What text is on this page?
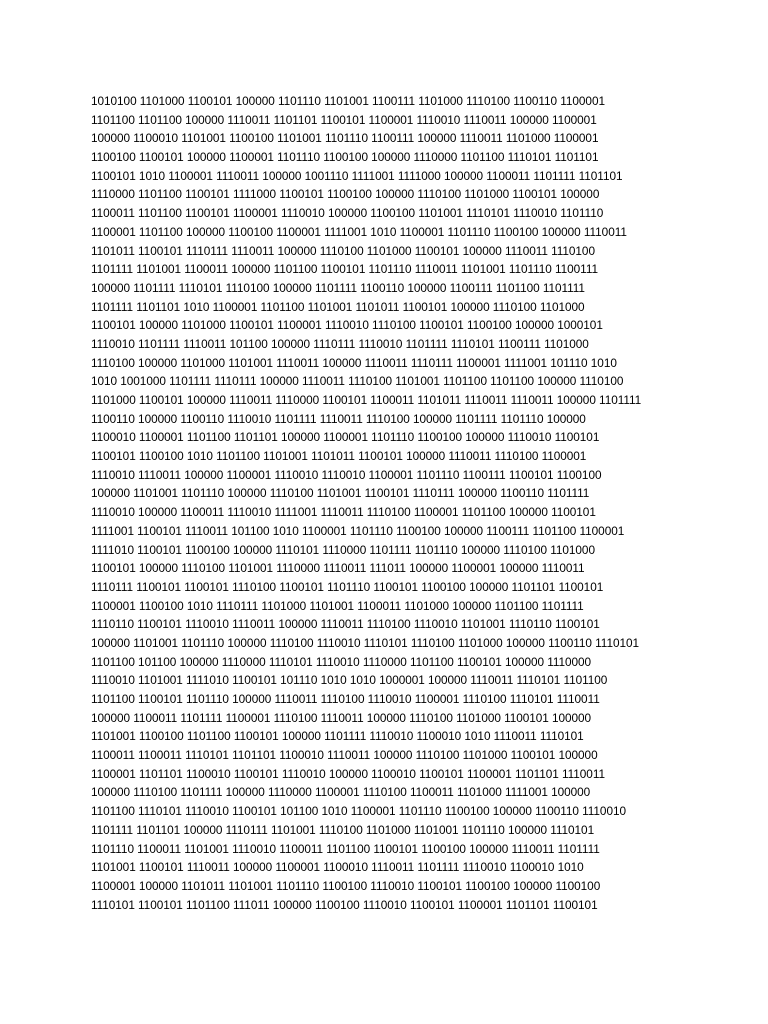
1010100 1101000 1100101 100000 1101110 1101001 1100111 1101000 1110100 1100110 1100001
1101100 1101100 100000 1110011 1101101 1100101 1100001 1110010 1110011 100000 1100001
100000 1100010 1101001 1100100 1101001 1101110 1100111 100000 1110011 1101000 1100001
1100100 1100101 100000 1100001 1101110 1100100 100000 1110000 1101100 1110101 1101101
1100101 1010 1100001 1110011 100000 1001110 1111001 1111000 100000 1100011 1101111 1101101
1110000 1101100 1100101 1111000 1100101 1100100 100000 1110100 1101000 1100101 100000
1100011 1101100 1100101 1100001 1110010 100000 1100100 1101001 1110101 1110010 1101110
1100001 1101100 100000 1100100 1100001 1111001 1010 1100001 1101110 1100100 100000 1110011
1101011 1100101 1110111 1110011 100000 1110100 1101000 1100101 100000 1110011 1110100
1101111 1101001 1100011 100000 1101100 1100101 1101110 1110011 1101001 1101110 1100111
100000 1101111 1110101 1110100 100000 1101111 1100110 100000 1100111 1101100 1101111
1101111 1101101 1010 1100001 1101100 1101001 1101011 1100101 100000 1110100 1101000
1100101 100000 1101000 1100101 1100001 1110010 1110100 1100101 1100100 100000 1000101
1110010 1101111 1110011 101100 100000 1110111 1110010 1101111 1110101 1100111 1101000
1110100 100000 1101000 1101001 1110011 100000 1110011 1110111 1100001 1111001 101110 1010
1010 1001000 1101111 1110111 100000 1110011 1110100 1101001 1101100 1101100 100000 1110100
1101000 1100101 100000 1110011 1110000 1100101 1100011 1101011 1110011 1110011 100000 1101111
1100110 100000 1100110 1110010 1101111 1110011 1110100 100000 1101111 1101110 100000
1100010 1100001 1101100 1101101 100000 1100001 1101110 1100100 100000 1110010 1100101
1100101 1100100 1010 1101100 1101001 1101011 1100101 100000 1110011 1110100 1100001
1110010 1110011 100000 1100001 1110010 1110010 1100001 1101110 1100111 1100101 1100100
100000 1101001 1101110 100000 1110100 1101001 1100101 1110111 100000 1100110 1101111
1110010 100000 1100011 1110010 1111001 1110011 1110100 1100001 1101100 100000 1100101
1111001 1100101 1110011 101100 1010 1100001 1101110 1100100 100000 1100111 1101100 1100001
1111010 1100101 1100100 100000 1110101 1110000 1101111 1101110 100000 1110100 1101000
1100101 100000 1110100 1101001 1110000 1110011 111011 100000 1100001 100000 1110011
1110111 1100101 1100101 1110100 1100101 1101110 1100101 1100100 100000 1101101 1100101
1100001 1100100 1010 1110111 1101000 1101001 1100011 1101000 100000 1101100 1101111
1110110 1100101 1110010 1110011 100000 1110011 1110100 1110010 1101001 1110110 1100101
100000 1101001 1101110 100000 1110100 1110010 1110101 1110100 1101000 100000 1100110 1110101
1101100 101100 100000 1110000 1110101 1110010 1110000 1101100 1100101 100000 1110000
1110010 1101001 1111010 1100101 101110 1010 1010 1000001 100000 1110011 1110101 1101100
1101100 1100101 1101110 100000 1110011 1110100 1110010 1100001 1110100 1110101 1110011
100000 1100011 1101111 1100001 1110100 1110011 100000 1110100 1101000 1100101 100000
1101001 1100100 1101100 1100101 100000 1101111 1110010 1100010 1010 1110011 1110101
1100011 1100011 1110101 1101101 1100010 1110011 100000 1110100 1101000 1100101 100000
1100001 1101101 1100010 1100101 1110010 100000 1100010 1100101 1100001 1101101 1110011
100000 1110100 1101111 100000 1110000 1100001 1110100 1100011 1101000 1111001 100000
1101100 1110101 1110010 1100101 101100 1010 1100001 1101110 1100100 100000 1100110 1110010
1101111 1101101 100000 1110111 1101001 1110100 1101000 1101001 1101110 100000 1110101
1101110 1100011 1101001 1110010 1100011 1101100 1100101 1100100 100000 1110011 1101111
1101001 1100101 1110011 100000 1100001 1100010 1110011 1101111 1110010 1100010 1010
1100001 100000 1101011 1101001 1101110 1100100 1110010 1100101 1100100 100000 1100100
1110101 1100101 1101100 111011 100000 1100100 1110010 1100101 1100001 1101101 1100101
